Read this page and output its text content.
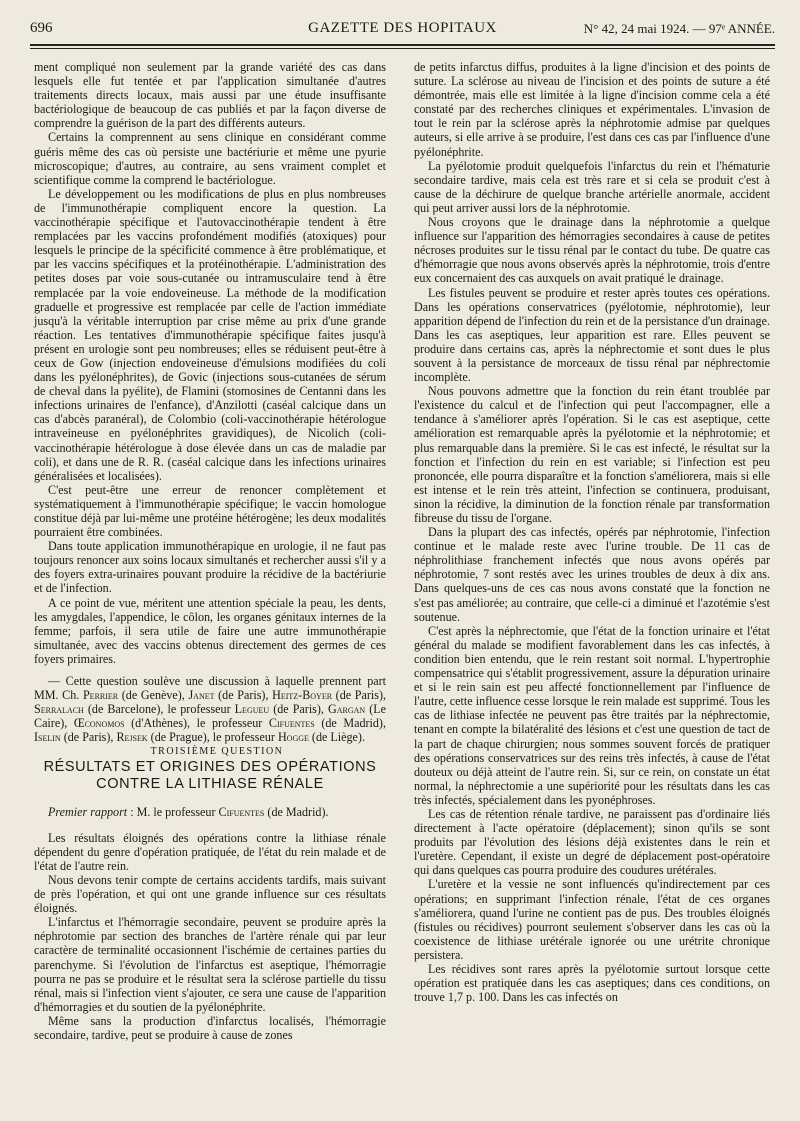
696	GAZETTE DES HOPITAUX	N° 42, 24 mai 1924. — 97ᵉ ANNÉE.

ment compliqué non seulement par la grande variété des cas dans lesquels elle fut tentée et par l'application simultanée d'autres traitements directs locaux, mais aussi par une étude insuffisante bactériologique de beaucoup de cas publiés et par la façon diverse de comprendre la guérison de la part des différents auteurs.

Certains la comprennent au sens clinique en considérant comme guéris même des cas où persiste une bactériurie et même une pyurie microscopique; d'autres, au contraire, au sens vraiment complet et scientifique comme la comprend le bactériologue.

Le développement ou les modifications de plus en plus nombreuses de l'immunothérapie compliquent encore la question. La vaccinothérapie spécifique et l'autovaccinothérapie tendent à être remplacées par les vaccins profondément modifiés (atoxiques) pour lesquels le principe de la spécificité commence à être problématique, et par les vaccins spécifiques et la protéinothérapie. L'administration des petites doses par voie sous-cutanée ou intramusculaire tend à être remplacée par la voie endoveineuse. La méthode de la modification graduelle et progressive est remplacée par celle de l'action immédiate jusqu'à la véritable interruption par crise même au prix d'une grande réaction. Les tentatives d'immunothérapie spécifique faites jusqu'à présent en urologie sont peu nombreuses; elles se réduisent peut-être à ceux de Gow (injection endoveineuse d'émulsions modifiées du coli dans les pyélonéphrites), de Govic (injections sous-cutanées de sérum de cheval dans la pyélite), de Flamini (stomosines de Centanni dans les infections urinaires de l'enfance), d'Anzilotti (caséal calcique dans un cas d'abcès paranéral), de Colombio (coli-vaccinothérapie hétérologue intraveineuse en pyélonéphrites gravidiques), de Nicolich (coli-vaccinothérapie hétérologue à dose élevée dans un cas de maladie par coli), et dans une de R. R. (caséal calcique dans les infections urinaires généralisées et localisées).

C'est peut-être une erreur de renoncer complètement et systématiquement à l'immunothérapie spécifique; le vaccin homologue constitue déjà par lui-même une protéine hétérogène; les deux modalités pourraient être combinées.

Dans toute application immunothérapique en urologie, il ne faut pas toujours renoncer aux soins locaux simultanés et rechercher aussi s'il y a des foyers extra-urinaires pouvant produire la récidive de la bactériurie et de l'infection.

A ce point de vue, méritent une attention spéciale la peau, les dents, les amygdales, l'appendice, le côlon, les organes génitaux internes de la femme; parfois, il sera utile de faire une autre immunothérapie simultanée, avec des vaccins obtenus directement des germes de ces foyers primaires.

— Cette question soulève une discussion à laquelle prennent part MM. Ch. Perrier (de Genève), Janet (de Paris), Heitz-Boyer (de Paris), Serralach (de Barcelone), le professeur Legueu (de Paris), Gargan (Le Caire), Œconomos (d'Athènes), le professeur Cifuentes (de Madrid), Iselin (de Paris), Rejsek (de Prague), le professeur Hogge (de Liège).

TROISIÈME QUESTION

RÉSULTATS ET ORIGINES DES OPÉRATIONS CONTRE LA LITHIASE RÉNALE

Premier rapport : M. le professeur Cifuentes (de Madrid).

Les résultats éloignés des opérations contre la lithiase rénale dépendent du genre d'opération pratiquée, de l'état du rein malade et de l'état de l'autre rein.

Nous devons tenir compte de certains accidents tardifs, mais suivant de près l'opération, et qui ont une grande influence sur ces résultats éloignés.

L'infarctus et l'hémorragie secondaire, peuvent se produire après la néphrotomie par section des branches de l'artère rénale qui par leur caractère de terminalité occasionnent l'ischémie de certaines parties du parenchyme. Si l'évolution de l'infarctus est aseptique, l'hémorragie pourra ne pas se produire et le résultat sera la sclérose partielle du tissu rénal, mais si l'infection vient s'ajouter, ce sera une cause de l'apparition d'hémorragies et du soutien de la pyélonéphrite.

Même sans la production d'infarctus localisés, l'hémorragie secondaire, tardive, peut se produire à cause de zones

de petits infarctus diffus, produites à la ligne d'incision et des points de suture. La sclérose au niveau de l'incision et des points de suture a été démontrée, mais elle est limitée à la ligne d'incision comme cela a été constaté par des recherches cliniques et expérimentales. L'invasion de tout le rein par la sclérose après la néphrotomie admise par quelques auteurs, si elle arrive à se produire, l'est dans ces cas par l'influence d'une pyélonéphrite.

La pyélotomie produit quelquefois l'infarctus du rein et l'hématurie secondaire tardive, mais cela est très rare et si cela se produit c'est à cause de la déchirure de quelque branche artérielle anormale, accident qui peut arriver aussi lors de la néphrotomie.

Nous croyons que le drainage dans la néphrotomie a quelque influence sur l'apparition des hémorragies secondaires à cause de petites nécroses produites sur le tissu rénal par le contact du tube. De quatre cas d'hémorragie que nous avons observés après la néphrotomie, trois d'entre eux concernaient des cas auxquels on avait pratiqué le drainage.

Les fistules peuvent se produire et rester après toutes ces opérations. Dans les opérations conservatrices (pyélotomie, néphrotomie), leur apparition dépend de l'infection du rein et de la persistance d'un drainage. Dans les cas aseptiques, leur apparition est rare. Elles peuvent se produire dans certains cas, après la néphrectomie et sont dues le plus souvent à la persistance de morceaux de tissu rénal par néphrectomie incomplète.

Nous pouvons admettre que la fonction du rein étant troublée par l'existence du calcul et de l'infection qui peut l'accompagner, elle a tendance à s'améliorer après l'opération. Si le cas est aseptique, cette amélioration est remarquable après la pyélotomie et la néphrotomie; et plus remarquable dans la première. Si le cas est infecté, le résultat sur la fonction et l'infection du rein en est variable; si l'infection est peu prononcée, elle pourra disparaître et la fonction s'améliorera, mais si elle est intense et le rein très atteint, l'infection se continuera, produisant, sinon la récidive, la diminution de la fonction rénale par transformation fibreuse du tissu de l'organe.

Dans la plupart des cas infectés, opérés par néphrotomie, l'infection continue et le malade reste avec l'urine trouble. De 11 cas de néphrolithiase franchement infectés que nous avons opérés par néphrotomie, 7 sont restés avec les urines troubles de deux à dix ans. Dans quelques-uns de ces cas nous avons constaté que la fonction ne s'est pas améliorée; au contraire, que celle-ci a diminué et l'azotémie s'est soutenue.

C'est après la néphrectomie, que l'état de la fonction urinaire et l'état général du malade se modifient favorablement dans les cas infectés, à condition bien entendu, que le rein restant soit normal. L'hypertrophie compensatrice qui s'établit progressivement, assure la dépuration urinaire et si le rein sain est peu affecté fonctionnellement par l'influence de l'autre, cette influence cesse lorsque le rein malade est supprimé. Tous les cas de lithiase infectée ne peuvent pas être traités par la néphrectomie, tenant en compte la bilatéralité des lésions et c'est une question de tact de la part de chaque chirurgien; nous sommes souvent forcés de pratiquer des opérations conservatrices sur des reins très infectés, à cause de l'état douteux ou déjà atteint de l'autre rein. Si, sur ce rein, on constate un état normal, la néphrectomie a une supériorité pour les résultats dans les cas très infectés, spécialement dans les pyonéphroses.

Les cas de rétention rénale tardive, ne paraissent pas d'ordinaire liés directement à l'acte opératoire (déplacement); sinon qu'ils se sont produits par l'évolution des lésions déjà existentes dans le rein et l'uretère. Cependant, il existe un degré de déplacement post-opératoire qui dans quelques cas pourra produire des coudures urétérales.

L'uretère et la vessie ne sont influencés qu'indirectement par ces opérations; en supprimant l'infection rénale, l'état de ces organes s'améliorera, quand l'urine ne contient pas de pus. Des troubles éloignés (fistules ou récidives) pourront seulement s'observer dans les cas où la coexistence de lithiase urétérale ignorée ou une urétrite chronique persistera.

Les récidives sont rares après la pyélotomie surtout lorsque cette opération est pratiquée dans les cas aseptiques; dans ces conditions, on trouve 1,7 p. 100. Dans les cas infectés on
